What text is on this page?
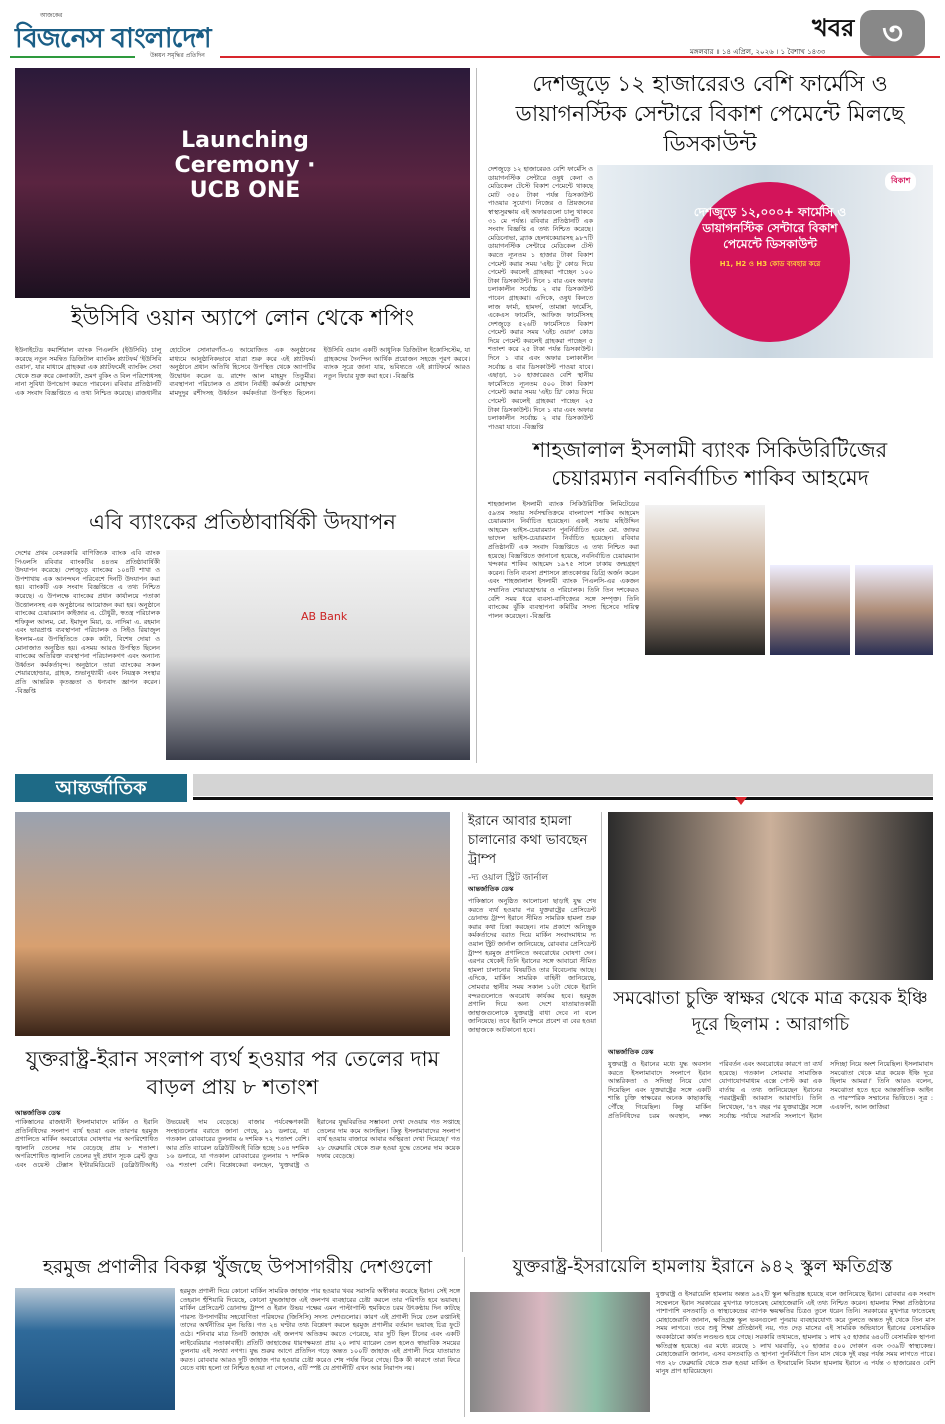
আজকের
বিজনেস বাংলাদেশ
উন্নয়ন সমৃদ্ধির প্রতিদিন
খবর
মঙ্গলবার ॥ ১৪ এপ্রিল, ২০২৬ । ১ বৈশাখ ১৪৩৩	৩
Launching Ceremony · UCB ONE
ইউসিবি ওয়ান অ্যাপে লোন থেকে শপিং
ইউনাইটেড কমার্শিয়াল ব্যাংক পিএলসি (ইউসিবি) চালু করেছে নতুন সমন্বিত ডিজিটাল ব্যাংকিং প্ল্যাটফর্ম 'ইউসিবি ওয়ান', যার মাধ্যমে গ্রাহকরা এক প্ল্যাটফর্মেই ব্যাংকিং সেবা থেকে শুরু করে কেনাকাটা, ভ্রমণ বুকিং ও বিল পরিশোধসহ নানা সুবিধা উপভোগ করতে পারবেন। রবিবার প্রতিষ্ঠানটি এক সংবাদ বিজ্ঞপ্তিতে এ তথ্য নিশ্চিত করেছে। রাজধানীর হোটেলে সোনারগাঁও-এ আয়োজিত এক অনুষ্ঠানের মাধ্যমে আনুষ্ঠানিকভাবে যাত্রা শুরু করে এই প্ল্যাটফর্ম। অনুষ্ঠানে প্রধান অতিথি হিসেবে উপস্থিত থেকে অ্যাপটির উদ্বোধন করেন ড. রাশেদ আল মাহমুদ তিতুমীর। ব্যবস্থাপনা পরিচালক ও প্রধান নির্বাহী কর্মকর্তা মোহাম্মদ মামদুদুর রশীদসহ উর্ধ্বতন কর্মকর্তারা উপস্থিত ছিলেন। ইউসিবি ওয়ান একটি আধুনিক ডিজিটাল ইকোসিস্টেম, যা গ্রাহকদের দৈনন্দিন আর্থিক প্রয়োজন সহজে পূরণ করবে। ব্যাংক সূত্রে জানা যায়, ভবিষ্যতে এই প্ল্যাটফর্মে আরও নতুন ফিচার যুক্ত করা হবে। -বিজ্ঞপ্তি
এবি ব্যাংকের প্রতিষ্ঠাবার্ষিকী উদযাপন
দেশের প্রথম বেসরকারি বাণিজ্যিক ব্যাংক এবি ব্যাংক পিএলসি রবিবার ব্যাংকটির ৪৪তম প্রতিষ্ঠাবার্ষিকী উদযাপন করেছে। দেশজুড়ে ব্যাংকের ১০৪টি শাখা ও উপশাখায় এক আনন্দঘন পরিবেশে দিনটি উদযাপন করা হয়। ব্যাংকটি এক সংবাদ বিজ্ঞপ্তিতে এ তথ্য নিশ্চিত করেছে। এ উপলক্ষে ব্যাংকের প্রধান কার্যালয়ে পতাকা উত্তোলনসহ এক অনুষ্ঠানের আয়োজন করা হয়। অনুষ্ঠানে ব্যাংকের চেয়ারম্যান কাইজার এ. চৌধুরী, স্বতন্ত্র পরিচালক শফিকুল আলম, মো. ইমাদুল মিয়া, ড. নাদিমা এ. রহমান এবং ভারপ্রাপ্ত ব্যবস্থাপনা পরিচালক ও সিইও রিয়াজুল ইসলাম-এর উপস্থিতিতে কেক কাটা, বিশেষ দোয়া ও মোনাজাত অনুষ্ঠিত হয়। এসময় আরও উপস্থিত ছিলেন ব্যাংকের অতিরিক্ত ব্যবস্থাপনা পরিচালকগণ এবং অন্যান্য উর্ধ্বতন কর্মকর্তাবৃন্দ। অনুষ্ঠানে তারা ব্যাংকের সকল শেয়ারহোল্ডার, গ্রাহক, শুভানুধ্যায়ী এবং নিয়ন্ত্রক সংস্থার প্রতি আন্তরিক কৃতজ্ঞতা ও ধন্যবাদ জ্ঞাপন করেন। -বিজ্ঞপ্তি
AB Bank
দেশজুড়ে ১২ হাজারেরও বেশি ফার্মেসি ও ডায়াগনস্টিক সেন্টারে বিকাশ পেমেন্টে মিলছে ডিসকাউন্ট
দেশজুড়ে ১২ হাজারেরও বেশি ফার্মেসি ও ডায়াগনস্টিক সেন্টারে ওষুধ কেনা ও মেডিকেল টেস্টে বিকাশ পেমেন্টে থাকছে মোট ৩৫০ টাকা পর্যন্ত ডিসকাউন্ট পাওয়ার সুযোগ। নিজের ও প্রিয়জনের স্বাস্থ্যসুরক্ষায় এই অফারগুলো চালু থাকবে ৩১ মে পর্যন্ত। রবিবার প্রতিষ্ঠানটি এক সংবাদ বিজ্ঞপ্তি এ তথ্য নিশ্চিত করেছে। মেডিনোভা, ব্র্যাক হেলথকেয়ারসহ ৯৮৭টি ডায়াগনস্টিক সেন্টারে মেডিকেল টেস্ট করতে ন্যূনতম ১ হাজার টাকা বিকাশ পেমেন্ট করার সময় 'এইচ টু' কোড দিয়ে পেমেন্ট করলেই গ্রাহকরা পাচ্ছেন ১০০ টাকা ডিসকাউন্ট। দিনে ১ বার এবং অফার চলাকালীন সর্বোচ্চ ২ বার ডিসকাউন্ট পাবেন গ্রাহকরা। এদিকে, ওষুধ কিনতে লাজ ফার্মা, হামদর্দ, তামান্না ফার্মেসি, একেএস ফার্মেসি, আফিজ ফার্মেসিসহ দেশজুড়ে ৫২৬টি ফার্মেসিতে বিকাশ পেমেন্ট করার সময় 'এইচ ওয়ান' কোড দিয়ে পেমেন্ট করলেই গ্রাহকরা পাচ্ছেন ৫ শতাংশ করে ২৫ টাকা পর্যন্ত ডিসকাউন্ট। দিনে ১ বার এবং অফার চলাকালীন সর্বোচ্চ ৪ বার ডিসকাউন্ট পাওয়া যাবে। এছাড়া, ১০ হাজারেরও বেশি স্থানীয় ফার্মেসিতে ন্যূনতম ৫০০ টাকা বিকাশ পেমেন্ট করার সময় 'এইচ থ্রি' কোড দিয়ে পেমেন্ট করলেই গ্রাহকরা পাচ্ছেন ২৫ টাকা ডিসকাউন্ট। দিনে ১ বার এবং অফার চলাকালীন সর্বোচ্চ ২ বার ডিসকাউন্ট পাওয়া যাবে। -বিজ্ঞপ্তি
দেশজুড়ে ১২,০০০+ ফার্মেসি ও ডায়াগনস্টিক সেন্টারে বিকাশ পেমেন্টে ডিসকাউন্ট
H1, H2 ও H3 কোড ব্যবহার করে
বিকাশ
শাহজালাল ইসলামী ব্যাংক সিকিউরিটিজের চেয়ারম্যান নবনির্বাচিত শাকিব আহমেদ
শাহজালাল ইসলামী ব্যাংক সিকিউরিটিজ লিমিটেডের ৫৯তম সভায় সর্বসম্মতিক্রমে বাংলাদেশ শাকিব আহমেদ চেয়ারম্যান নির্বাচিত হয়েছেন। একই সভায় মহিউদ্দিন আহমেদ ভাইস-চেয়ারম্যান পুনর্নির্বাচিত এবং মো. জাফর ভাদেল ভাইস-চেয়ারম্যান নির্বাচিত হয়েছেন। রবিবার প্রতিষ্ঠানটি এক সংবাদ বিজ্ঞপ্তিতে এ তথ্য নিশ্চিত করা হয়েছে। বিজ্ঞপ্তিতে জানানো হয়েছে, নবনির্বাচিত চেয়ারম্যান খন্দকার শাকিব আহমেদ ১৯৭৫ সালে ঢাকায় জন্মগ্রহণ করেন। তিনি ব্যবসা প্রশাসনে স্নাতকোত্তর ডিগ্রি অর্জন করেন এবং শাহজালাল ইসলামী ব্যাংক পিএলসি-এর একজন সম্মানিত শেয়ারহোল্ডার ও পরিচালক। তিনি তিন দশকেরও বেশি সময় ধরে ব্যবসা-বাণিজ্যের সঙ্গে সম্পৃক্ত। তিনি ব্যাংকের ঝুঁকি ব্যবস্থাপনা কমিটির সদস্য হিসেবে দায়িত্ব পালন করেছেন। -বিজ্ঞপ্তি
আন্তর্জাতিক
যুক্তরাষ্ট্র-ইরান সংলাপ ব্যর্থ হওয়ার পর তেলের দাম বাড়ল প্রায় ৮ শতাংশ
আন্তর্জাতিক ডেস্ক
পাকিস্তানের রাজধানী ইসলামাবাদে মার্কিন ও ইরানি প্রতিনিধিদের সংলাপ ব্যর্থ হওয়া এবং তারপর হরমুজ প্রণালিতে মার্কিন অবরোধের ঘোষণার পর অপরিশোধিত জ্বালানি তেলের দাম বেড়েছে প্রায় ৮ শতাংশ। অপরিশোধিত জ্বালানি তেলের দুই প্রধান সূচক ব্রেন্ট ক্রুড এবং ওয়েস্ট টেক্সাস ইন্টারমিডিয়েট (ডব্লিউটিআই) উভয়েরই দাম বেড়েছে। বাজার পর্যবেক্ষণকারী সংস্থাগুলোর বরাতে জানা গেছে, ৯১ ডলারে, যা গতকাল রোববারের তুলনায় ৬ দশমিক ৭২ শতাংশ বেশি। আর প্রতি ব্যারেল ডব্লিউটিআই বিক্রি হচ্ছে ১০৪ দশমিক ১৬ ডলারে, যা গতকাল রোববারের তুলনায় ৭ দশমিক ৩৯ শতাংশ বেশি। বিশ্লেষকেরা বলছেন, 'যুক্তরাষ্ট্র ও ইরানের যুদ্ধবিরতির সম্ভাবনা দেখা দেওয়ায় গত সপ্তাহে তেলের দাম কমে আসছিল। কিন্তু ইসলামাবাদের সংলাপ ব্যর্থ হওয়ায় বাজারে আবার অস্থিরতা দেখা দিয়েছে।' গত ২৮ ফেব্রুয়ারি থেকে শুরু হওয়া যুদ্ধে তেলের দাম কয়েক দফায় বেড়েছে।
ইরানে আবার হামলা চালানোর কথা ভাবছেন ট্রাম্প
-দ্য ওয়াল স্ট্রিট জার্নাল
আন্তর্জাতিক ডেস্ক
পাকিস্তানে অনুষ্ঠিত আলোচনা ছাড়াই যুদ্ধ শেষ করতে ব্যর্থ হওয়ার পর যুক্তরাষ্ট্রের প্রেসিডেন্ট ডোনাল্ড ট্রাম্প ইরানে সীমিত সামরিক হামলা শুরু করার কথা চিন্তা করছেন। নাম প্রকাশে অনিচ্ছুক কর্মকর্তাদের বরাত দিয়ে মার্কিন সংবাদমাধ্যম দ্য ওয়াল স্ট্রিট জার্নাল জানিয়েছে, রোববার প্রেসিডেন্ট ট্রাম্প হরমুজ প্রণালিতে অবরোধের ঘোষণা দেন। এরপর থেকেই তিনি ইরানের সঙ্গে আবারো সীমিত হামলা চালানোর বিষয়টিও তার বিবেচনায় আছে। এদিকে, মার্কিন সামরিক বাহিনী জানিয়েছে, সোমবার স্থানীয় সময় সকাল ১০টা থেকে ইরানি বন্দরগুলোতে অবরোধ কার্যকর হবে। হরমুজ প্রণালি দিয়ে অন্য দেশে যাতায়াতকারী জাহাজগুলোকে যুক্তরাষ্ট্র বাধা দেবে না বলে জানিয়েছে। তবে ইরানি বন্দরে প্রবেশ বা বের হওয়া জাহাজকে আটকানো হবে।
সমঝোতা চুক্তি স্বাক্ষর থেকে মাত্র কয়েক ইঞ্চি দূরে ছিলাম : আরাগচি
আন্তর্জাতিক ডেস্ক
যুক্তরাষ্ট্র ও ইরানের মধ্যে যুদ্ধ অবসান করতে ইসলামাবাদে সংলাপে ইরান আন্তরিকতা ও সদিচ্ছা নিয়ে যোগ দিয়েছিল এবং যুক্তরাষ্ট্রের সঙ্গে একটি শান্তি চুক্তি স্বাক্ষরের অনেক কাছাকাছি পৌঁছে গিয়েছিল। কিন্তু মার্কিন প্রতিনিধিদের চরম অবস্থান, লক্ষ্য পরিবর্তন এবং অবরোধের কারণে তা ব্যর্থ হয়েছে। গতকাল সোমবার সামাজিক যোগাযোগমাধ্যম এক্সে পোস্ট করা এক বার্তায় এ তথ্য জানিয়েছেন ইরানের পররাষ্ট্রমন্ত্রী আব্বাস আরাগচি। তিনি লিখেছেন, '৪৭ বছর পর যুক্তরাষ্ট্রের সঙ্গে সর্বোচ্চ পর্যায়ে সরাসরি সংলাপে ইরান সদিচ্ছা নিয়ে অংশ নিয়েছিল। ইসলামাবাদ সমঝোতা থেকে মাত্র কয়েক ইঞ্চি দূরে ছিলাম আমরা।' তিনি আরও বলেন, সমঝোতা হতে হবে আন্তর্জাতিক আইন ও পারস্পরিক সম্মানের ভিত্তিতে। সূত্র : এএফপি, আল জাজিরা
হরমুজ প্রণালীর বিকল্প খুঁজছে উপসাগরীয় দেশগুলো
হরমুজ প্রণালী দিয়ে কোনো মার্কিন সামরিক জাহাজ পার হওয়ার খবর সরাসরি অস্বীকার করেছে ইরান। সেই সঙ্গে তেহরান হুঁশিয়ারি দিয়েছে, কোনো যুদ্ধজাহাজ এই জলপথ ব্যবহারের চেষ্টা করলে তার পরিণতি হবে ভয়াবহ। মার্কিন প্রেসিডেন্ট ডোনাল্ড ট্রাম্প ও ইরান উভয় পক্ষের এমন পাল্টাপাল্টি হুমকিতে চরম উৎকণ্ঠায় দিন কাটছে পারস্য উপসাগরীয় সহযোগিতা পরিষদের (জিসিসি) সদস্য দেশগুলোর। কারণ এই প্রণালী দিয়ে তেল রপ্তানিই তাদের অর্থনীতির মূল ভিত্তি। গত ২৪ ঘণ্টার তথ্য বিশ্লেষণ করলে হরমুজ প্রণালীর বর্তমান ভয়াবহ চিত্র ফুটে ওঠে। শনিবার মাত্র তিনটি জাহাজ এই জলপথ অতিক্রম করতে পেরেছে, যার দুটি ছিল চীনের এবং একটি লাইবেরিয়ার পতাকাবাহী। প্রতিটি জাহাজের ধারণক্ষমতা প্রায় ২০ লাখ ব্যারেল তেল হলেও স্বাভাবিক সময়ের তুলনায় এই সংখ্যা নগণ্য। যুদ্ধ শুরুর আগে প্রতিদিন গড়ে অন্তত ১০০টি জাহাজ এই প্রণালী দিয়ে যাতায়াত করত। রোববার আরও দুটি জাহাজ পার হওয়ার চেষ্টা করেও শেষ পর্যন্ত ফিরে গেছে। ঠিক কী কারণে তারা ফিরে যেতে বাধ্য হলো তা নিশ্চিত হওয়া না গেলেও, এটি স্পষ্ট যে প্রণালীটি এখন আর নিরাপদ নয়।
যুক্তরাষ্ট্র-ইসরায়েলি হামলায় ইরানে ৯৪২ স্কুল ক্ষতিগ্রস্ত
যুক্তরাষ্ট্র ও ইসরায়েলি হামলায় অন্তত ৯৪২টি স্কুল ক্ষতিগ্রস্ত হয়েছে বলে জানিয়েছে ইরান। রোববার এক সংবাদ সম্মেলনে ইরান সরকারের মুখপাত্র ফাতেমেহ মোহাজেরানি এই তথ্য নিশ্চিত করেন। হামলায় শিক্ষা প্রতিষ্ঠানের পাশাপাশি বসতবাড়ি ও স্বাস্থ্যকেন্দ্রের ব্যাপক ক্ষয়ক্ষতির চিত্রও তুলে ধরেন তিনি। সরকারের মুখপাত্র ফাতেমেহ মোহাজেরানি জানান, ক্ষতিগ্রস্ত স্কুল ভবনগুলো পুনরায় ব্যবহারযোগ্য করে তুলতে অন্তত দুই থেকে তিন মাস সময় লাগবে। তবে শুধু শিক্ষা প্রতিষ্ঠানই নয়, গত দেড় মাসের এই সামরিক অভিযানে ইরানের বেসামরিক অবকাঠামো কার্যত লণ্ডভণ্ড হয়ে গেছে। সরকারি তথ্যমতে, হামলায় ১ লাখ ২৫ হাজার ৬৪০টি বেসামরিক স্থাপনা ক্ষতিগ্রস্ত হয়েছে। এর মধ্যে রয়েছে ১ লাখ ঘরবাড়ি, ২০ হাজার ৫০০ দোকান এবং ৩৩৯টি স্বাস্থ্যকেন্দ্র। মোহাজেরানি জানান, এসব বসতবাড়ি ও স্থাপনা পুনর্নির্মাণে তিন মাস থেকে দুই বছর পর্যন্ত সময় লাগতে পারে। গত ২৮ ফেব্রুয়ারি থেকে শুরু হওয়া মার্কিন ও ইসরায়েলি বিমান হামলায় ইরানে এ পর্যন্ত ৩ হাজারেরও বেশি মানুষ প্রাণ হারিয়েছেন।
